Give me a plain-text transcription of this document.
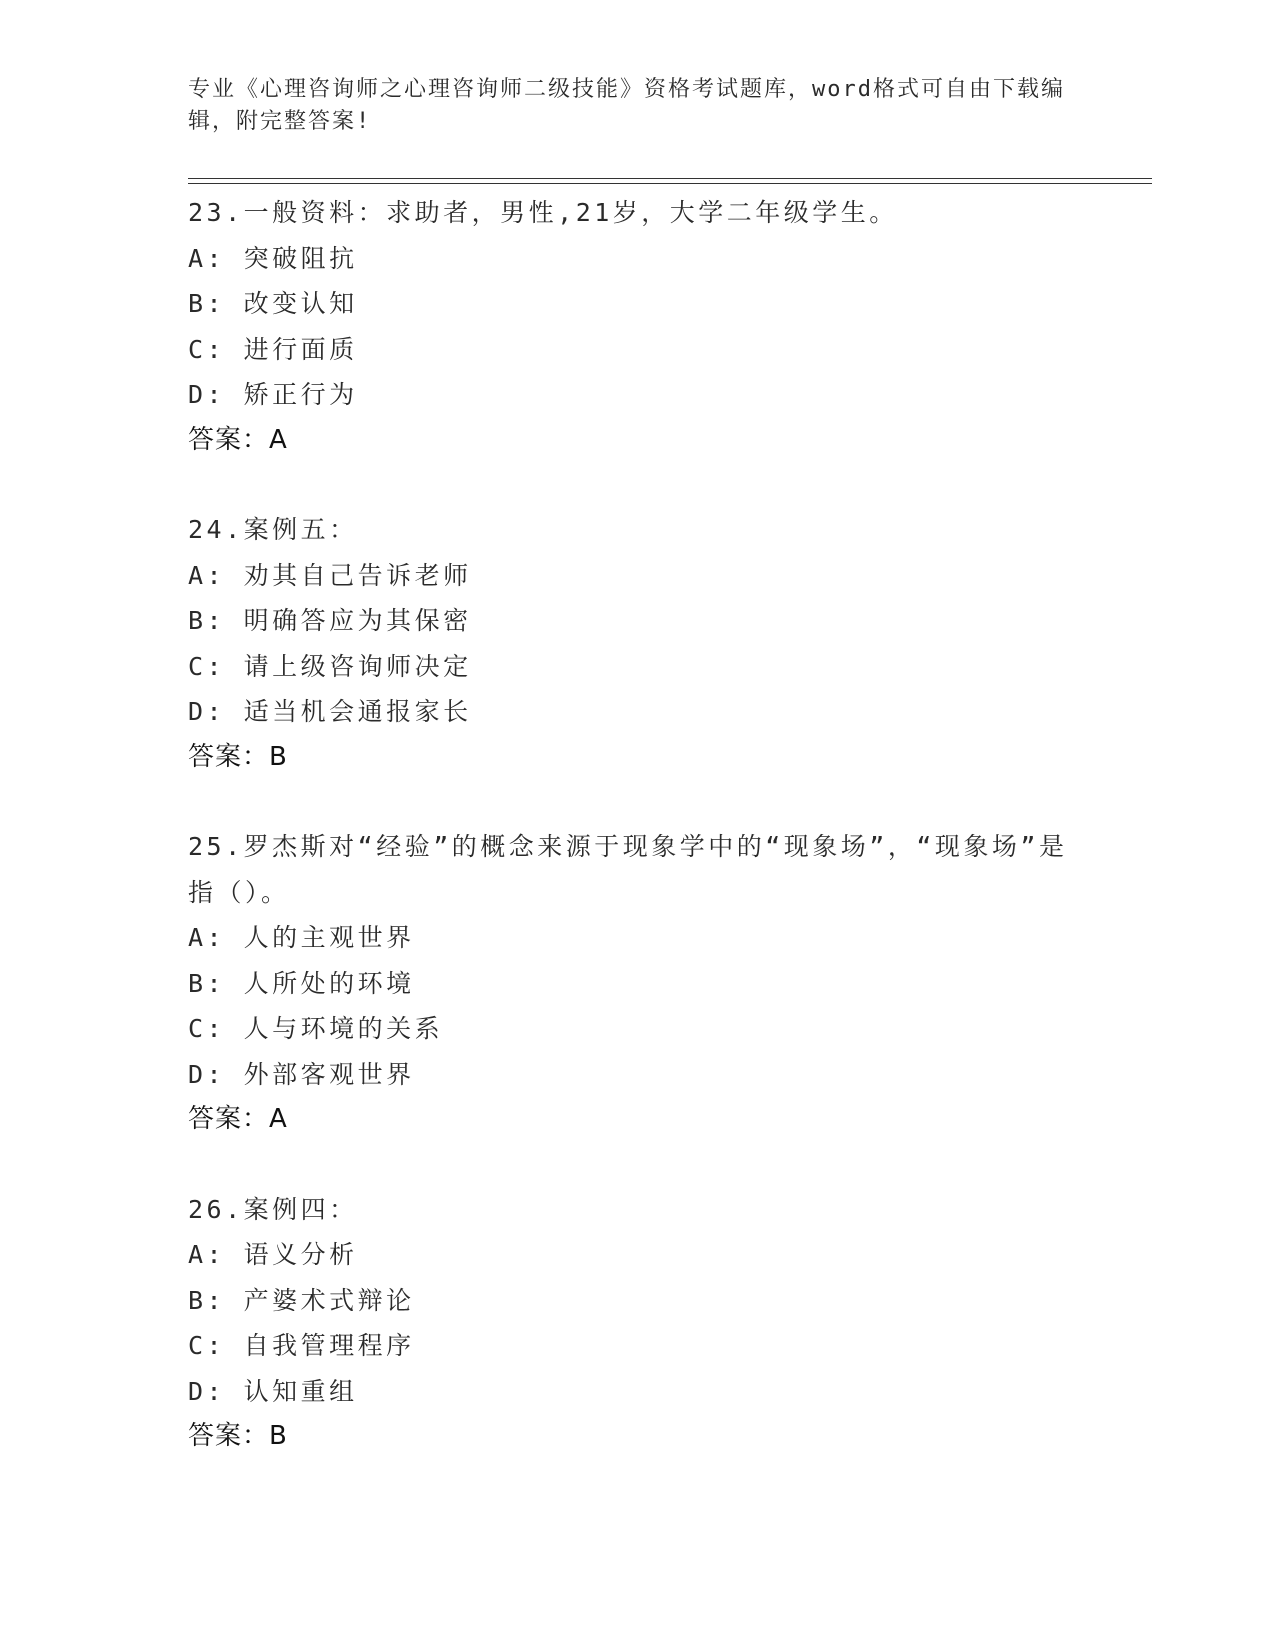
专业《心理咨询师之心理咨询师二级技能》资格考试题库，word格式可自由下载编辑，附完整答案!
23.一般资料：求助者，男性,21岁，大学二年级学生。
A: 突破阻抗
B: 改变认知
C: 进行面质
D: 矫正行为
答案：A
24.案例五：
A: 劝其自己告诉老师
B: 明确答应为其保密
C: 请上级咨询师决定
D: 适当机会通报家长
答案：B
25.罗杰斯对“经验”的概念来源于现象学中的“现象场”，“现象场”是指（）。
A: 人的主观世界
B: 人所处的环境
C: 人与环境的关系
D: 外部客观世界
答案：A
26.案例四：
A: 语义分析
B: 产婆术式辩论
C: 自我管理程序
D: 认知重组
答案：B
